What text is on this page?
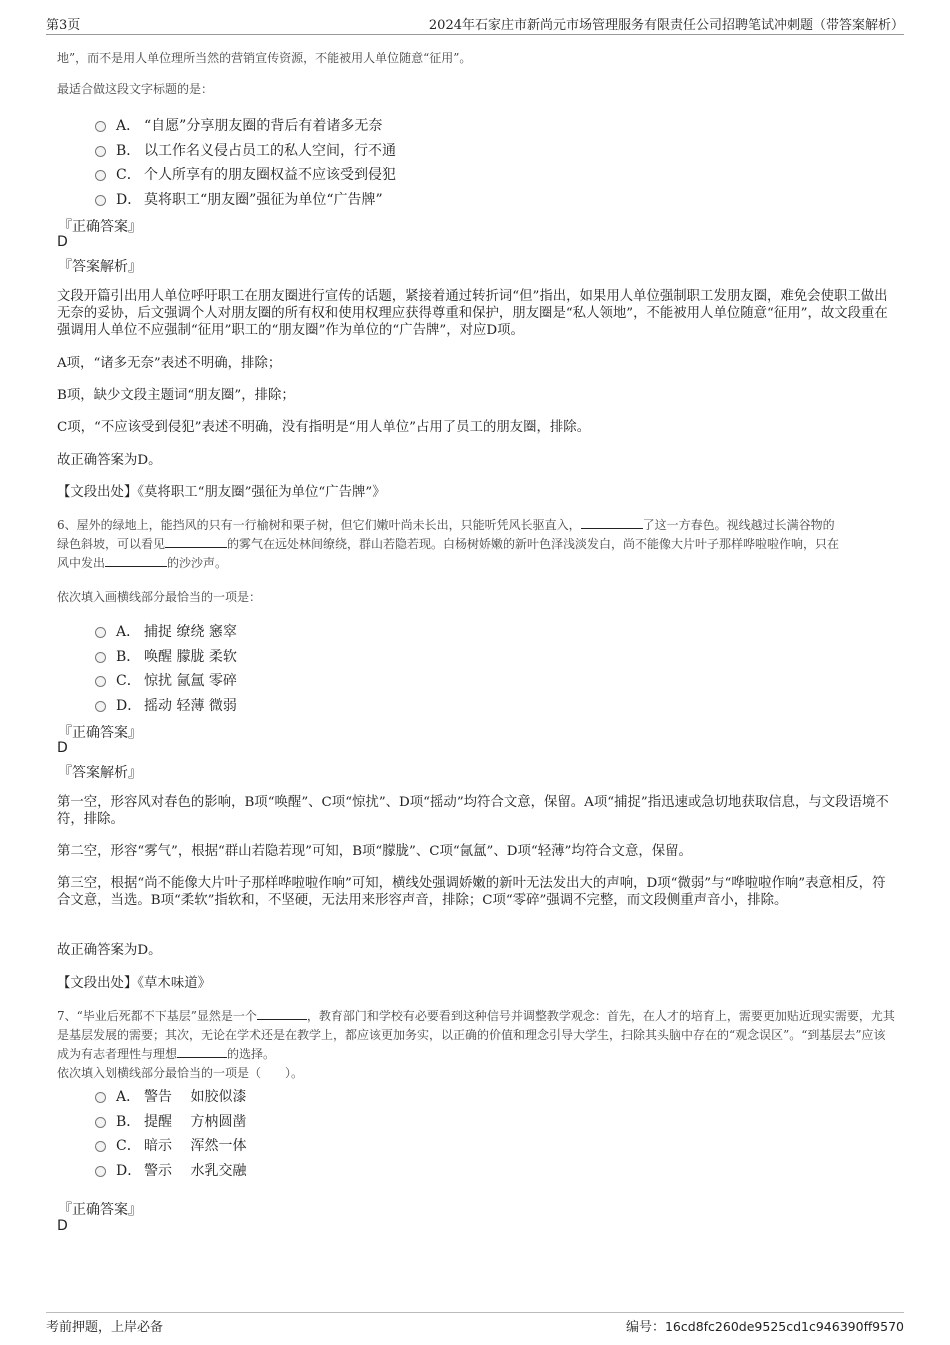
第3页	2024年石家庄市新尚元市场管理服务有限责任公司招聘笔试冲刺题（带答案解析）
地”，而不是用人单位理所当然的营销宣传资源，不能被用人单位随意“征用”。
最适合做这段文字标题的是：
A． “自愿”分享朋友圈的背后有着诸多无奈
B． 以工作名义侵占员工的私人空间，行不通
C． 个人所享有的朋友圈权益不应该受到侵犯
D． 莫将职工“朋友圈”强征为单位“广告牌”
『正确答案』
D
『答案解析』
文段开篇引出用人单位呼吁职工在朋友圈进行宣传的话题，紧接着通过转折词“但”指出，如果用人单位强制职工发朋友圈，难免会使职工做出无奈的妥协，后文强调个人对朋友圈的所有权和使用权理应获得尊重和保护，朋友圈是“私人领地”，不能被用人单位随意“征用”，故文段重在强调用人单位不应强制“征用”职工的“朋友圈”作为单位的“广告牌”，对应D项。
A项，“诸多无奈”表述不明确，排除；
B项，缺少文段主题词“朋友圈”，排除；
C项，“不应该受到侵犯”表述不明确，没有指明是“用人单位”占用了员工的朋友圈，排除。
故正确答案为D。
【文段出处】《莫将职工“朋友圈”强征为单位“广告牌”》
6、屋外的绿地上，能挡风的只有一行榆树和栗子树，但它们嫩叶尚未长出，只能听凭风长驱直入，	了这一方春色。视线越过长满谷物的
绿色斜坡，可以看见	的雾气在远处林间缭绕，群山若隐若现。白杨树娇嫩的新叶色泽浅淡发白，尚不能像大片叶子那样哗啦啦作响，只在
风中发出	的沙沙声。
依次填入画横线部分最恰当的一项是：
A． 捕捉 缭绕 窸窣
B． 唤醒 朦胧 柔软
C． 惊扰 氤氲 零碎
D． 摇动 轻薄 微弱
『正确答案』
D
『答案解析』
第一空，形容风对春色的影响，B项“唤醒”、C项“惊扰”、D项“摇动”均符合文意，保留。A项“捕捉”指迅速或急切地获取信息，与文段语境不符，排除。
第二空，形容“雾气”，根据“群山若隐若现”可知，B项“朦胧”、C项“氤氲”、D项“轻薄”均符合文意，保留。
第三空，根据“尚不能像大片叶子那样哗啦啦作响”可知，横线处强调娇嫩的新叶无法发出大的声响，D项“微弱”与“哗啦啦作响”表意相反，符合文意，当选。B项“柔软”指软和，不坚硬，无法用来形容声音，排除；C项“零碎”强调不完整，而文段侧重声音小，排除。
故正确答案为D。
【文段出处】《草木味道》
7、“毕业后死都不下基层”显然是一个	，教育部门和学校有必要看到这种信号并调整教学观念：首先，在人才的培育上，需要更加贴近现实需要，尤其是基层发展的需要；其次，无论在学术还是在教学上，都应该更加务实，以正确的价值和理念引导大学生，扫除其头脑中存在的“观念误区”。“到基层去”应该成为有志者理性与理想	的选择。
依次填入划横线部分最恰当的一项是（　　）。
A． 警告　 如胶似漆
B． 提醒　 方枘圆凿
C． 暗示　 浑然一体
D． 警示　 水乳交融
『正确答案』
D
考前押题，上岸必备	编号：16cd8fc260de9525cd1c946390ff9570
